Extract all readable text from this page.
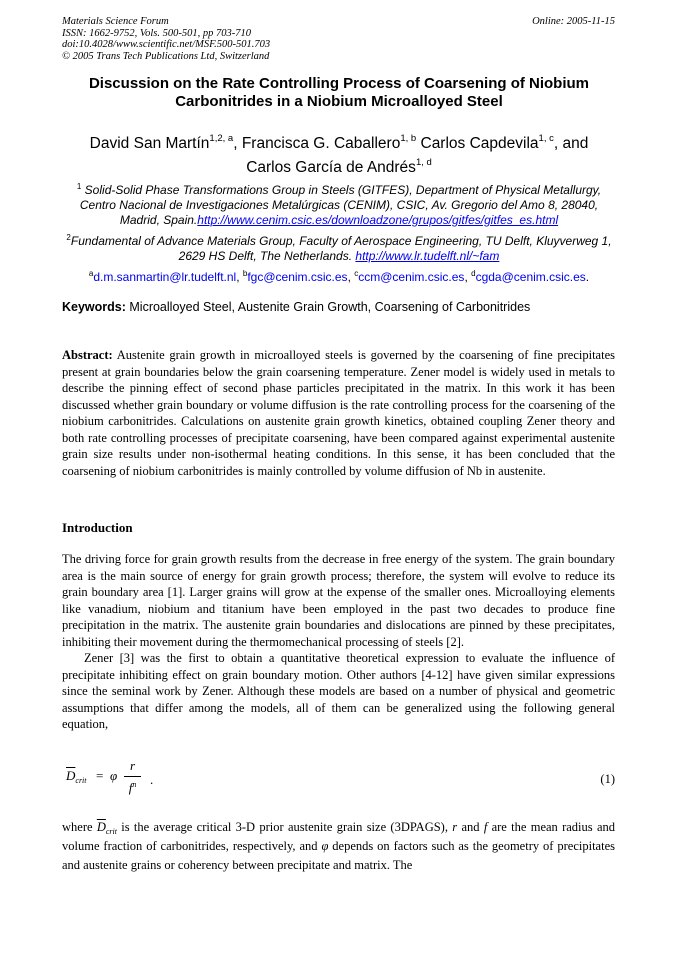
Materials Science Forum
ISSN: 1662-9752, Vols. 500-501, pp 703-710
doi:10.4028/www.scientific.net/MSF.500-501.703
© 2005 Trans Tech Publications Ltd, Switzerland
Online: 2005-11-15
Discussion on the Rate Controlling Process of Coarsening of Niobium
Carbonitrides in a Niobium Microalloyed Steel
David San Martín$^{1,2, a}$, Francisca G. Caballero$^{1, b}$ Carlos Capdevila$^{1, c}$, and
Carlos García de Andrés$^{1, d}$
$^1$ Solid-Solid Phase Transformations Group in Steels (GITFES), Department of Physical Metallurgy, Centro Nacional de Investigaciones Metalúrgicas (CENIM), CSIC, Av. Gregorio del Amo 8, 28040, Madrid, Spain.http://www.cenim.csic.es/downloadzone/grupos/gitfes/gitfes_es.html
$^2$Fundamental of Advance Materials Group, Faculty of Aerospace Engineering, TU Delft, Kluyverweg 1, 2629 HS Delft, The Netherlands. http://www.lr.tudelft.nl/~fam
$^a$d.m.sanmartin@lr.tudelft.nl, $^b$fgc@cenim.csic.es, $^c$ccm@cenim.csic.es, $^d$cgda@cenim.csic.es.
Keywords: Microalloyed Steel, Austenite Grain Growth, Coarsening of Carbonitrides

Abstract: Austenite grain growth in microalloyed steels is governed by the coarsening of fine precipitates present at grain boundaries below the grain coarsening temperature. Zener model is widely used in metals to describe the pinning effect of second phase particles precipitated in the matrix. In this work it has been discussed whether grain boundary or volume diffusion is the rate controlling process for the coarsening of the niobium carbonitrides. Calculations on austenite grain growth kinetics, obtained coupling Zener theory and both rate controlling processes of precipitate coarsening, have been compared against experimental austenite grain size results under non-isothermal heating conditions. In this sense, it has been concluded that the coarsening of niobium carbonitrides is mainly controlled by volume diffusion of Nb in austenite.

Introduction

The driving force for grain growth results from the decrease in free energy of the system. The grain boundary area is the main source of energy for grain growth process; therefore, the system will evolve to reduce its grain boundary area [1]. Larger grains will grow at the expense of the smaller ones. Microalloying elements like vanadium, niobium and titanium have been employed in the past two decades to produce fine precipitation in the matrix. The austenite grain boundaries and dislocations are pinned by these precipitates, inhibiting their movement during the thermomechanical processing of steels [2].

Zener [3] was the first to obtain a quantitative theoretical expression to evaluate the influence of precipitate inhibiting effect on grain boundary motion. Other authors [4-12] have given similar expressions since the seminal work by Zener. Although these models are based on a number of physical and geometric assumptions that differ among the models, all of them can be generalized using the following general equation,

$\overline{D}_{crit} = \varphi \frac{r}{f^n}$ .	(1)

where $\overline{D}_{crit}$ is the average critical 3-D prior austenite grain size (3DPAGS), r and f are the mean radius and volume fraction of carbonitrides, respectively, and φ depends on factors such as the geometry of precipitates and austenite grains or coherency between precipitate and matrix. The
